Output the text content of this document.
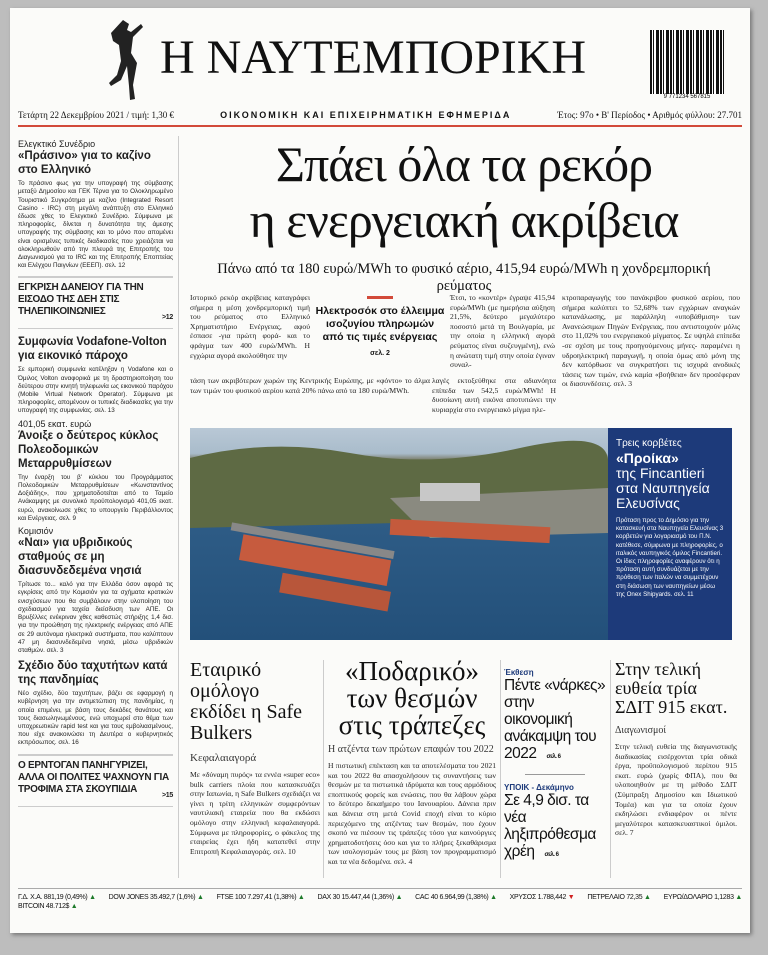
Η ΝΑΥΤΕΜΠΟΡΙΚΗ
9 771234 567815
Τετάρτη 22 Δεκεμβρίου 2021 / τιμή: 1,30 €	ΟΙΚΟΝΟΜΙΚΗ ΚΑΙ ΕΠΙΧΕΙΡΗΜΑΤΙΚΗ ΕΦΗΜΕΡΙΔΑ	Έτος: 97ο • Β' Περίοδος • Αριθμός φύλλου: 27.701
Ελεγκτικό Συνέδριο
«Πράσινο» για το καζίνο στο Ελληνικό

Το πράσινο φως για την υπογραφή της σύμβασης μεταξύ Δημοσίου και ΓΕΚ Τέρνα για το Ολοκληρωμένο Τουριστικό Συγκρότημα με καζίνο (Integrated Resort Casino - IRC) στη μεγάλη ανάπτυξη στο Ελληνικό έδωσε χθες το Ελεγκτικό Συνέδριο. Σύμφωνα με πληροφορίες, δίνεται η δυνατότητα της άμεσης υπογραφής της σύμβασης και το μόνο που απομένει είναι ορισμένες τυπικές διαδικασίες που χρειάζεται να ολοκληρωθούν από την πλευρά της Επιτροπής του Διαγωνισμού για το IRC και της Επιτροπής Εποπτείας και Ελέγχου Παιγνίων (ΕΕΕΠ). σελ. 12

ΕΓΚΡΙΣΗ ΔΑΝΕΙΟΥ ΓΙΑ ΤΗΝ ΕΙΣΟΔΟ ΤΗΣ ΔΕΗ ΣΤΙΣ ΤΗΛΕΠΙΚΟΙΝΩΝΙΕΣ
>12
Συμφωνία Vodafone-Volton για εικονικό πάροχο

Σε εμπορική συμφωνία κατέληξαν η Vodafone και ο Όμιλος Volton αναφορικά με τη δραστηριοποίηση του δεύτερου στην κινητή τηλεφωνία ως εικονικού παρόχου (Mobile Virtual Network Operator). Σύμφωνα με πληροφορίες, απομένουν οι τυπικές διαδικασίες για την υπογραφή της συμφωνίας. σελ. 13

401,05 εκατ. ευρώ
Άνοιξε ο δεύτερος κύκλος Πολεοδομικών Μεταρρυθμίσεων

Την έναρξη του β' κύκλου του Προγράμματος Πολεοδομικών Μεταρρυθμίσεων «Κωνσταντίνος Δοξιάδης», που χρηματοδοτείται από το Ταμείο Ανάκαμψης με συνολικό προϋπολογισμό 401,05 εκατ. ευρώ, ανακοίνωσε χθες το υπουργείο Περιβάλλοντος και Ενέργειας. σελ. 9

Κομισιόν
«Ναι» για υβριδικούς σταθμούς σε μη διασυνδεδεμένα νησιά

Τρίτωσε το... καλό για την Ελλάδα όσον αφορά τις εγκρίσεις από την Κομισιόν για τα σχήματα κρατικών ενισχύσεων που θα συμβάλουν στην υλοποίηση του σχεδιασμού για ταχεία διείσδυση των ΑΠΕ. Οι Βρυξέλλες ενέκριναν χθες καθεστώς στήριξης 1,4 δισ. για την προώθηση της ηλεκτρικής ενέργειας από ΑΠΕ σε 29 αυτόνομα ηλεκτρικά συστήματα, που καλύπτουν 47 μη διασυνδεδεμένα νησιά, μέσω υβριδικών σταθμών. σελ. 3

Σχέδιο δύο ταχυτήτων κατά της πανδημίας

Νέο σχέδιο, δύο ταχυτήτων, βάζει σε εφαρμογή η κυβέρνηση για την αντιμετώπιση της πανδημίας, η οποία επιμένει, με βάση τους δεκάδες θανάτους και τους διασωληνωμένους, ενώ υποχωρεί στο θέμα των υποχρεωτικών rapid test και για τους εμβολιασμένους, που είχε ανακοινώσει τη Δευτέρα ο κυβερνητικός εκπρόσωπος. σελ. 16

Ο ΕΡΝΤΟΓΑΝ ΠΑΝΗΓΥΡΙΖΕΙ, ΑΛΛΑ ΟΙ ΠΟΛΙΤΕΣ ΨΑΧΝΟΥΝ ΓΙΑ ΤΡΟΦΙΜΑ ΣΤΑ ΣΚΟΥΠΙΔΙΑ
>15
Σπάει όλα τα ρεκόρ
η ενεργειακή ακρίβεια
Πάνω από τα 180 ευρώ/MWh το φυσικό αέριο, 415,94 ευρώ/MWh η χονδρεμπορική ρεύματος
Ιστορικό ρεκόρ ακρίβειας καταγράφει σήμερα η μέση χονδρεμπορική τιμή του ρεύματος στο Ελληνικό Χρηματιστήριο Ενέργειας, αφού έσπασε -για πρώτη φορά- και το φράγμα των 400 ευρώ/MWh. Η εγχώρια αγορά ακολούθησε την
Ηλεκτροσόκ στο έλλειμμα ισοζυγίου πληρωμών από τις τιμές ενέργειας
σελ. 2
τάση των ακριβότερων χωρών της Κεντρικής Ευρώπης, με «φόντο» το άλμα των τιμών του φυσικού αερίου κατά 20% πάνω από τα 180 ευρώ/MWh.
Έτσι, το «κοντέρ» έγραψε 415,94 ευρώ/MWh (με ημερήσια αύξηση 21,5%, δεύτερο μεγαλύτερο ποσοστό μετά τη Βουλγαρία, με την οποία η ελληνική αγορά ρεύματος είναι συζευγμένη), ενώ η ανώτατη τιμή στην οποία έγιναν συναλ-
λαγές εκτοξεύθηκε στα αδιανόητα επίπεδα των 542,5 ευρώ/MWh! Η δυσοίωνη αυτή εικόνα αποτυπώνει την κυριαρχία στο ενεργειακό μίγμα ηλε-
κτροπαραγωγής του πανάκριβου φυσικού αερίου, που σήμερα καλύπτει το 52,68% των εγχώριων αναγκών κατανάλωσης, με παράλληλη «υποβάθμιση» των Ανανεώσιμων Πηγών Ενέργειας, που αντιστοιχούν μόλις στο 11,02% του ενεργειακού μίγματος. Σε υψηλά επίπεδα -σε σχέση με τους προηγούμενους μήνες- παραμένει η υδροηλεκτρική παραγωγή, η οποία όμως από μόνη της δεν κατόρθωσε να συγκρατήσει τις ισχυρά ανοδικές τάσεις των τιμών, ενώ καμία «βοήθεια» δεν προσέφεραν οι διασυνδέσεις. σελ. 3
Τρεις κορβέτες
«Προίκα»
της Fincantieri στα Ναυπηγεία Ελευσίνας

Πρόταση προς το Δημόσιο για την κατασκευή στα Ναυπηγεία Ελευσίνας 3 κορβετών για λογαριασμό του Π.Ν. κατέθεσε, σύμφωνα με πληροφορίες, ο ιταλικός ναυπηγικός όμιλος Fincantieri. Οι ίδιες πληροφορίες αναφέρουν ότι η πρόταση αυτή συνδυάζεται με την πρόθεση των Ιταλών να συμμετέχουν στη διάσωση των ναυπηγείων μέσω της Onex Shipyards. σελ. 11

Εταιρικό ομόλογο εκδίδει η Safe Bulkers
Κεφαλαιαγορά

Με «δύναμη πυρός» τα εννέα «super eco» bulk carriers πλοία που κατασκευάζει στην Ιαπωνία, η Safe Bulkers σχεδιάζει να γίνει η τρίτη ελληνικών συμφερόντων ναυτιλιακή εταιρεία που θα εκδώσει ομόλογο στην ελληνική κεφαλαιαγορά. Σύμφωνα με πληροφορίες, ο φάκελος της εταιρείας έχει ήδη κατατεθεί στην Επιτροπή Κεφαλαιαγοράς. σελ. 10

«Ποδαρικό» των θεσμών στις τράπεζες
Η ατζέντα των πρώτων επαφών του 2022

Η πιστωτική επέκταση και τα αποτελέσματα του 2021 και του 2022 θα απασχολήσουν τις συναντήσεις των θεσμών με τα πιστωτικά ιδρύματα και τους αρμόδιους εποπτικούς φορείς και ενώσεις, που θα λάβουν χώρα το δεύτερο δεκαήμερο του Ιανουαρίου. Δάνεια πριν και δάνεια στη μετά Covid εποχή είναι το κύριο περιεχόμενο της ατζέντας των θεσμών, που έχουν σκοπό να πιέσουν τις τράπεζες τόσο για καινούργιες χρηματοδοτήσεις όσο και για το πλήρες ξεκαθάρισμα των ισολογισμών τους με βάση τον προγραμματισμό και τα νέα δεδομένα. σελ. 4

Έκθεση
Πέντε «νάρκες» στην οικονομική ανάκαμψη του 2022 σελ. 6
ΥΠΟΙΚ - Δεκάμηνο
Σε 4,9 δισ. τα νέα ληξιπρόθεσμα χρέη σελ. 6
Στην τελική ευθεία τρία ΣΔΙΤ 915 εκατ.
Διαγωνισμοί

Στην τελική ευθεία της διαγωνιστικής διαδικασίας εισέρχονται τρία οδικά έργα, προϋπολογισμού περίπου 915 εκατ. ευρώ (χωρίς ΦΠΑ), που θα υλοποιηθούν με τη μέθοδο ΣΔΙΤ (Σύμπραξη Δημοσίου και Ιδιωτικού Τομέα) και για τα οποία έχουν εκδηλώσει ενδιαφέρον οι πέντε μεγαλύτεροι κατασκευαστικοί όμιλοι. σελ. 7

Γ.Δ. Χ.Α. 881,19 (0,49%) ▲ DOW JONES 35.492,7 (1,6%) ▲ FTSE 100 7.297,41 (1,38%) ▲ DAX 30 15.447,44 (1,36%) ▲ CAC 40 6.964,99 (1,38%) ▲ ΧΡΥΣΟΣ 1.788,442 ▼ ΠΕΤΡΕΛΑΙΟ 72,35 ▲ ΕΥΡΩ/ΔΟΛΑΡΙΟ 1,1283 ▲
BITCOIN 48.712$ ▲
